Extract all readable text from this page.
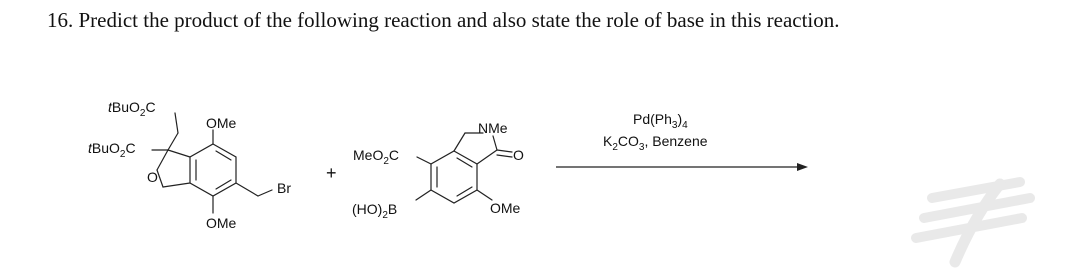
16. Predict the product of the following reaction and also state the role of base in this reaction.
tBuO$_2$C
tBuO$_2$C
OMe
O
OMe
Br
+
MeO$_2$C
NMe
O
$(HO)_2B$	OMe
$Pd(Ph_3)_4$
$K_2CO_3$, Benzene
